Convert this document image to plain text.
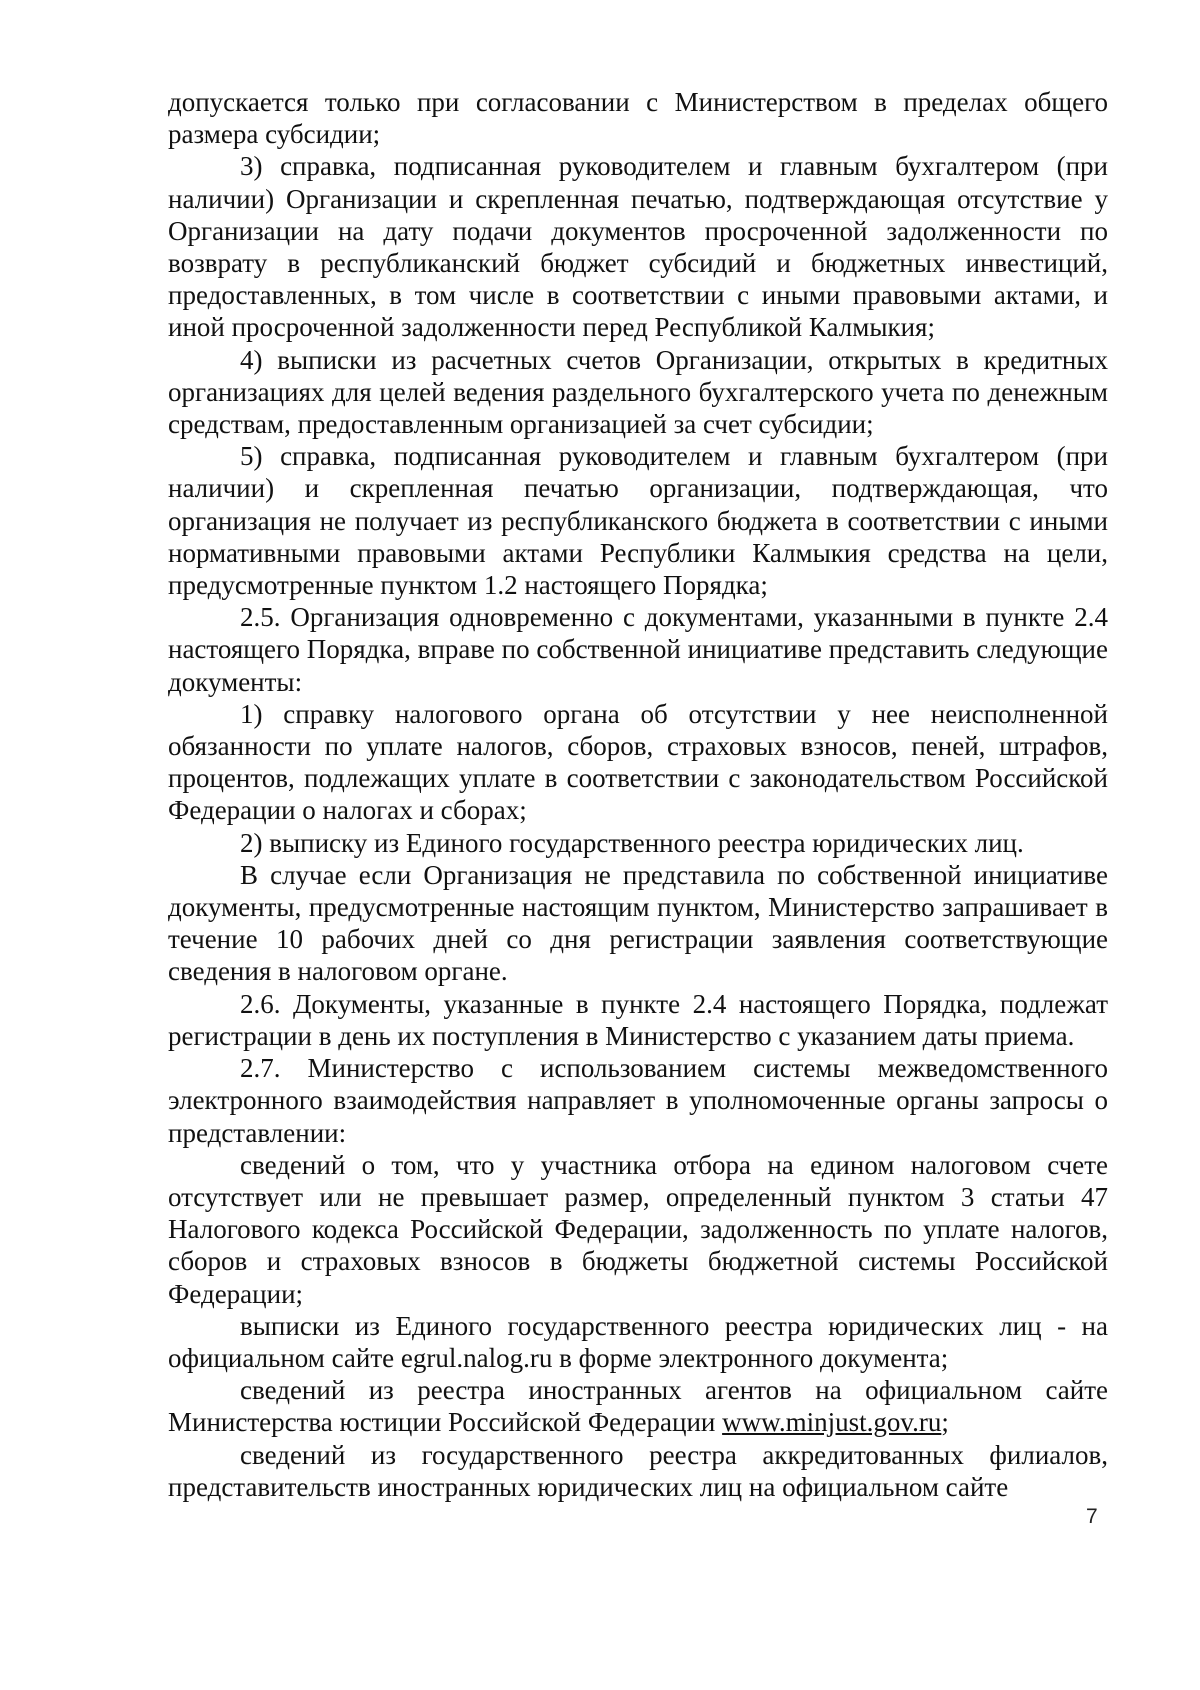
допускается только при согласовании с Министерством в пределах общего размера субсидии;

3) справка, подписанная руководителем и главным бухгалтером (при наличии) Организации и скрепленная печатью, подтверждающая отсутствие у Организации на дату подачи документов просроченной задолженности по возврату в республиканский бюджет субсидий и бюджетных инвестиций, предоставленных, в том числе в соответствии с иными правовыми актами, и иной просроченной задолженности перед Республикой Калмыкия;

4) выписки из расчетных счетов Организации, открытых в кредитных организациях для целей ведения раздельного бухгалтерского учета по денежным средствам, предоставленным организацией за счет субсидии;

5) справка, подписанная руководителем и главным бухгалтером (при наличии) и скрепленная печатью организации, подтверждающая, что организация не получает из республиканского бюджета в соответствии с иными нормативными правовыми актами Республики Калмыкия средства на цели, предусмотренные пунктом 1.2 настоящего Порядка;

2.5. Организация одновременно с документами, указанными в пункте 2.4 настоящего Порядка, вправе по собственной инициативе представить следующие документы:

1) справку налогового органа об отсутствии у нее неисполненной обязанности по уплате налогов, сборов, страховых взносов, пеней, штрафов, процентов, подлежащих уплате в соответствии с законодательством Российской Федерации о налогах и сборах;

2) выписку из Единого государственного реестра юридических лиц.

В случае если Организация не представила по собственной инициативе документы, предусмотренные настоящим пунктом, Министерство запрашивает в течение 10 рабочих дней со дня регистрации заявления соответствующие сведения в налоговом органе.

2.6. Документы, указанные в пункте 2.4 настоящего Порядка, подлежат регистрации в день их поступления в Министерство с указанием даты приема.

2.7. Министерство с использованием системы межведомственного электронного взаимодействия направляет в уполномоченные органы запросы о представлении:

сведений о том, что у участника отбора на едином налоговом счете отсутствует или не превышает размер, определенный пунктом 3 статьи 47 Налогового кодекса Российской Федерации, задолженность по уплате налогов, сборов и страховых взносов в бюджеты бюджетной системы Российской Федерации;

выписки из Единого государственного реестра юридических лиц - на официальном сайте egrul.nalog.ru в форме электронного документа;

сведений из реестра иностранных агентов на официальном сайте Министерства юстиции Российской Федерации www.minjust.gov.ru;

сведений из государственного реестра аккредитованных филиалов, представительств иностранных юридических лиц на официальном сайте

7
